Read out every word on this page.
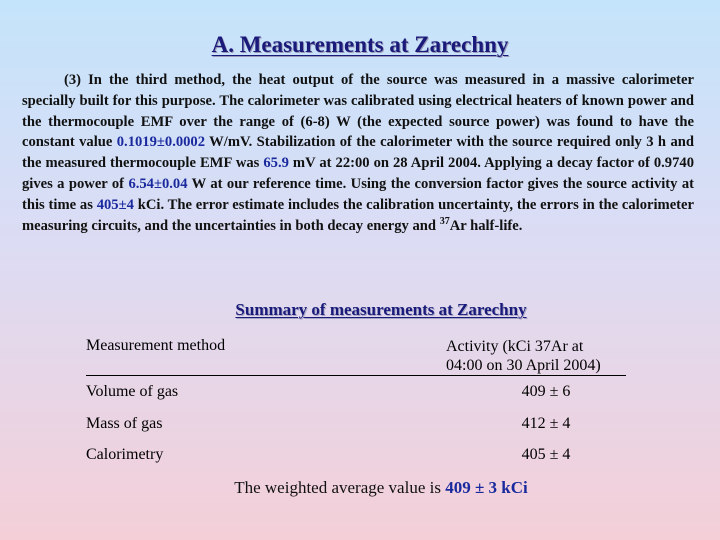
A. Measurements at Zarechny
(3) In the third method, the heat output of the source was measured in a massive calorimeter specially built for this purpose. The calorimeter was calibrated using electrical heaters of known power and the thermocouple EMF over the range of (6-8) W (the expected source power) was found to have the constant value 0.1019±0.0002 W/mV. Stabilization of the calorimeter with the source required only 3 h and the measured thermocouple EMF was 65.9 mV at 22:00 on 28 April 2004. Applying a decay factor of 0.9740 gives a power of 6.54±0.04 W at our reference time. Using the conversion factor gives the source activity at this time as 405±4 kCi. The error estimate includes the calibration uncertainty, the errors in the calorimeter measuring circuits, and the uncertainties in both decay energy and $^{37}$Ar half-life.
Summary of measurements at Zarechny
Measurement method	Activity (kCi 37Ar at
04:00 on 30 April 2004)
Volume of gas	409 ± 6
Mass of gas	412 ± 4
Calorimetry	405 ± 4
The weighted average value is 409 ± 3 kCi
